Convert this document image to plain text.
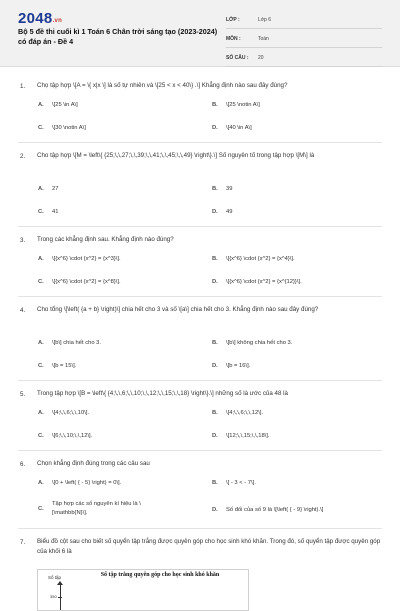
2048.vn
Bộ 5 đề thi cuối kì 1 Toán 6 Chân trời sáng tạo (2023-2024) có đáp án - Đề 4
LỚP :	Lớp 6
MÔN :	Toán
SỐ CÂU :	20
1. Chọ tập hợp \[A = \{ x|x \] là số tự nhiên và \[25 < x < 40\} .\] Khẳng định nào sau đây đúng?
A. \[25 \in A\]	B. \[25 \notin A\]
C. \[30 \notin A\]	D. \[40 \in A\]
2. Cho tập hợp \[M = \left\{ {25;\,\,27;\,\,39;\,\,41;\,\,45;\,\,49} \right\}.\] Số nguyên tố trong tập hợp \[M\] là
A. 27	B. 39
C. 41	D. 49
3. Trong các khẳng định sau. Khẳng định nào đúng?
A. \[{x^6} \cdot {x^2} = {x^3}\].	B. \[{x^6} \cdot {x^2} = {x^4}\].
C. \[{x^6} \cdot {x^2} = {x^8}\].	D. \[{x^6} \cdot {x^2} = {x^{12}}\].
4. Cho tổng \[\left( {a + b} \right)\] chia hết cho 3 và số \[a\] chia hết cho 3. Khẳng định nào sau đây đúng?
A. \[b\] chia hết cho 3.	B. \[b\] không chia hết cho 3.
C. \[b = 15\].	D. \[b = 16\].
5. Trong tập hợp \[B = \left\{ {4;\,\,6;\,\,10;\,\,12;\,\,15;\,\,18} \right\}.\] những số là ước của 48 là
A. \[4;\,\,6;\,\,10\].	B. \[4;\,\,6;\,\,12\].
C. \[6;\,\,10;\,\,12\].	D. \[12;\,\,15;\,\,18\].
6. Chọn khẳng định đúng trong các câu sau
A. \[0 + \left( { - 5} \right) = 0\].	B. \[ - 3 < - 7\].
C.
Tập hợp các số nguyên kí hiệu là \[\mathbb{N}\].	D. Số đối của số 9 là \[\left( { - 9} \right).\]
7. Biểu đồ cột sau cho biết số quyển tập trắng được quyên góp cho học sinh khó khăn. Trong đó, số quyển tập được quyên góp của khối 6 là
Số tập	Số tập trắng quyên góp cho học sinh khó khăn
350
